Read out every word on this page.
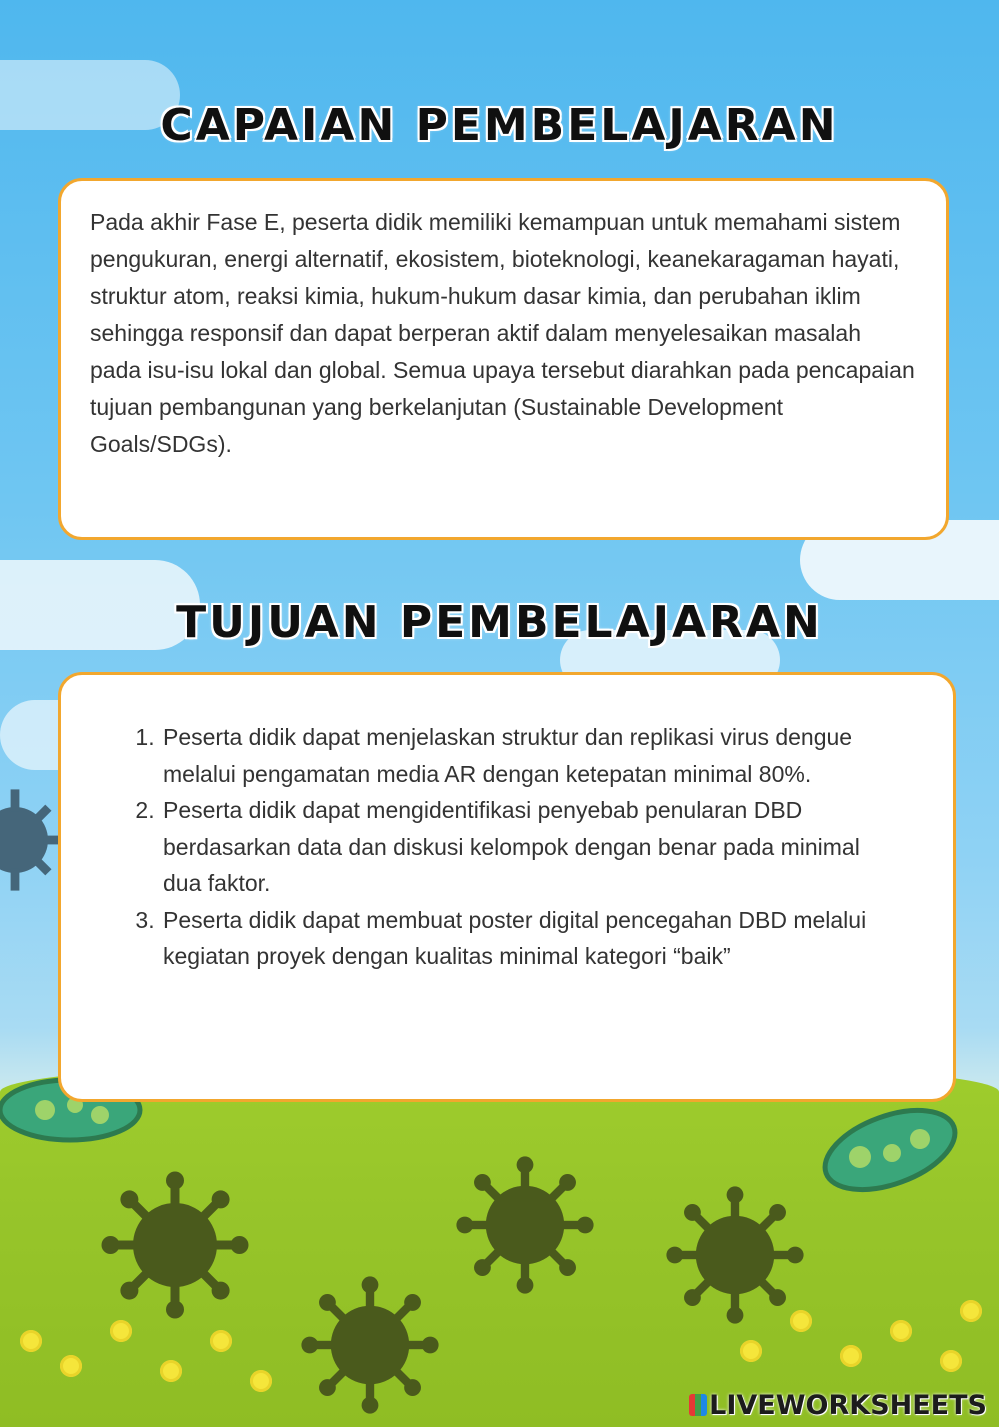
CAPAIAN PEMBELAJARAN

Pada akhir Fase E, peserta didik memiliki kemampuan untuk memahami sistem pengukuran, energi alternatif, ekosistem, bioteknologi, keanekaragaman hayati, struktur atom, reaksi kimia, hukum-hukum dasar kimia, dan perubahan iklim sehingga responsif dan dapat berperan aktif dalam menyelesaikan masalah pada isu-isu lokal dan global. Semua upaya tersebut diarahkan pada pencapaian tujuan pembangunan yang berkelanjutan (Sustainable Development Goals/SDGs).

TUJUAN PEMBELAJARAN
1. Peserta didik dapat menjelaskan struktur dan replikasi virus dengue melalui pengamatan media AR dengan ketepatan minimal 80%.
2. Peserta didik dapat mengidentifikasi penyebab penularan DBD berdasarkan data dan diskusi kelompok dengan benar pada minimal dua faktor.
3. Peserta didik dapat membuat poster digital pencegahan DBD melalui kegiatan proyek dengan kualitas minimal kategori “baik”
LIVEWORKSHEETS
